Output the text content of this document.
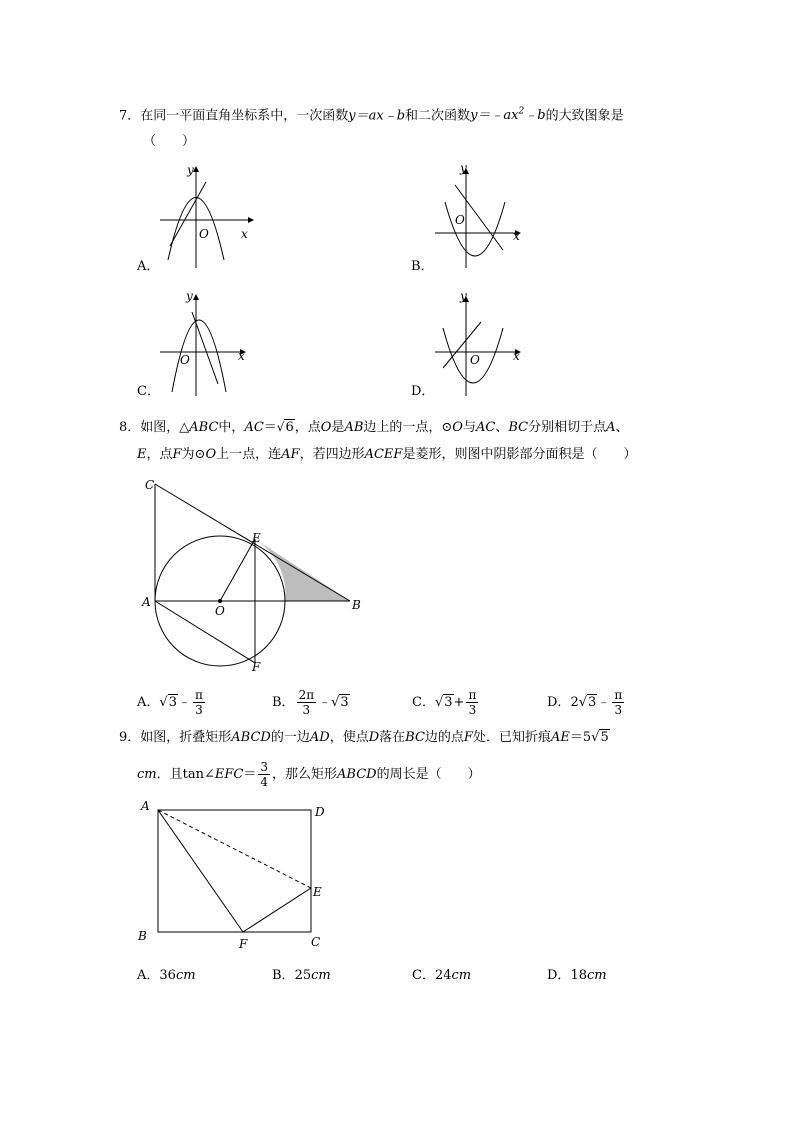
7．在同一平面直角坐标系中，一次函数y＝ax﹣b和二次函数$y=﹣ax^2﹣b$的大致图象是
（　　）
y
x
O
A．
y
x
O
B．
y
x
O
C．
y
x
O
D．
8．如图，△ABC中，AC＝√6，点O是AB边上的一点，⊙O与AC、BC分别相切于点A、
E，点F为⊙O上一点，连AF，若四边形ACEF是菱形，则图中阴影部分面积是（　　）
C
E
A
O	B
F
A．√3﹣ $\frac{\pi}{3}$	B． $\frac{2\pi}{3}$ ﹣√3	C．$√3+ \frac{\pi}{3}$	D．2√3﹣ $\frac{\pi}{3}$
9．如图，折叠矩形ABCD的一边AD，使点D落在BC边的点F处．已知折痕AE＝5√5
cm．且tan∠EFC＝ $\frac{3}{4}$ ，那么矩形ABCD的周长是（　　）
A	D
E
B
F	C
A．36cm	B．25cm	C．24cm	D．18cm
